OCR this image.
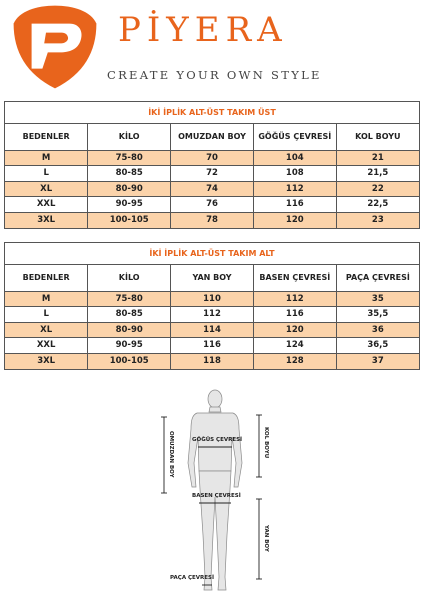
PİYERA
CREATE YOUR OWN STYLE
İKİ İPLİK ALT-ÜST TAKIM ÜST
BEDENLER	KİLO	OMUZDAN BOY	GÖĞÜS ÇEVRESİ	KOL BOYU
M	75-80	70	104	21
L	80-85	72	108	21,5
XL	80-90	74	112	22
XXL	90-95	76	116	22,5
3XL	100-105	78	120	23
İKİ İPLİK ALT-ÜST TAKIM ALT
BEDENLER	KİLO	YAN BOY	BASEN ÇEVRESİ	PAÇA ÇEVRESİ
M	75-80	110	112	35
L	80-85	112	116	35,5
XL	80-90	114	120	36
XXL	90-95	116	124	36,5
3XL	100-105	118	128	37
OMUZDAN BOY	GÖĞÜS ÇEVRESİ	KOL BOYU
BASEN ÇEVRESİ
YAN BOY
PAÇA ÇEVRESİ
